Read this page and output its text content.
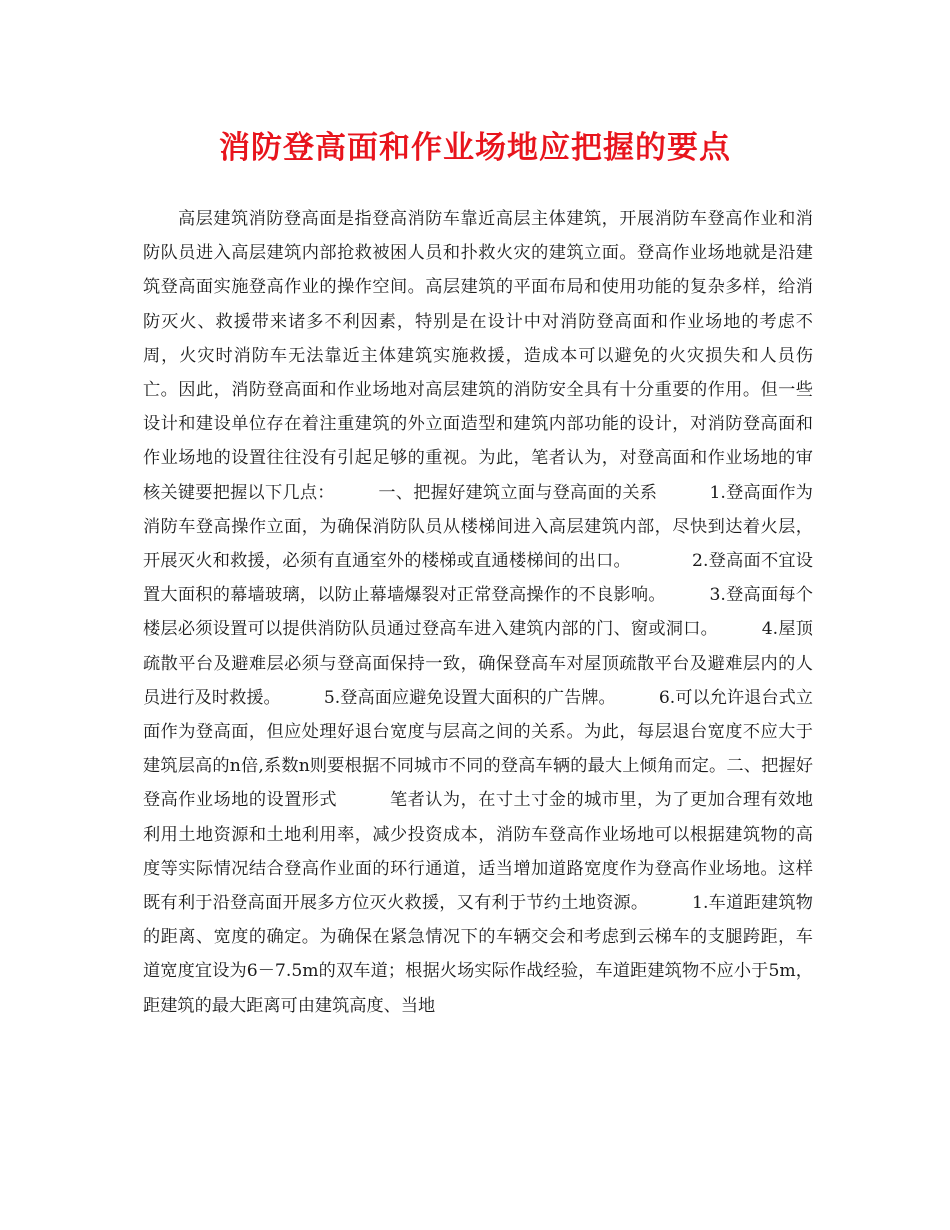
消防登高面和作业场地应把握的要点

高层建筑消防登高面是指登高消防车靠近高层主体建筑，开展消防车登高作业和消防队员进入高层建筑内部抢救被困人员和扑救火灾的建筑立面。登高作业场地就是沿建筑登高面实施登高作业的操作空间。高层建筑的平面布局和使用功能的复杂多样，给消防灭火、救援带来诸多不利因素，特别是在设计中对消防登高面和作业场地的考虑不周，火灾时消防车无法靠近主体建筑实施救援，造成本可以避免的火灾损失和人员伤亡。因此，消防登高面和作业场地对高层建筑的消防安全具有十分重要的作用。但一些设计和建设单位存在着注重建筑的外立面造型和建筑内部功能的设计，对消防登高面和作业场地的设置往往没有引起足够的重视。为此，笔者认为，对登高面和作业场地的审核关键要把握以下几点：　　　一、把握好建筑立面与登高面的关系　　　1.登高面作为消防车登高操作立面，为确保消防队员从楼梯间进入高层建筑内部，尽快到达着火层，开展灭火和救援，必须有直通室外的楼梯或直通楼梯间的出口。　　　　2.登高面不宜设置大面积的幕墙玻璃，以防止幕墙爆裂对正常登高操作的不良影响。　　　3.登高面每个楼层必须设置可以提供消防队员通过登高车进入建筑内部的门、窗或洞口。　　　4.屋顶疏散平台及避难层必须与登高面保持一致，确保登高车对屋顶疏散平台及避难层内的人员进行及时救援。　　　5.登高面应避免设置大面积的广告牌。　　　6.可以允许退台式立面作为登高面，但应处理好退台宽度与层高之间的关系。为此，每层退台宽度不应大于建筑层高的n倍,系数n则要根据不同城市不同的登高车辆的最大上倾角而定。二、把握好登高作业场地的设置形式　　　笔者认为，在寸土寸金的城市里，为了更加合理有效地利用土地资源和土地利用率，减少投资成本，消防车登高作业场地可以根据建筑物的高度等实际情况结合登高作业面的环行通道，适当增加道路宽度作为登高作业场地。这样既有利于沿登高面开展多方位灭火救援，又有利于节约土地资源。　　　1.车道距建筑物的距离、宽度的确定。为确保在紧急情况下的车辆交会和考虑到云梯车的支腿跨距，车道宽度宜设为6－7.5m的双车道；根据火场实际作战经验，车道距建筑物不应小于5m，距建筑的最大距离可由建筑高度、当地
